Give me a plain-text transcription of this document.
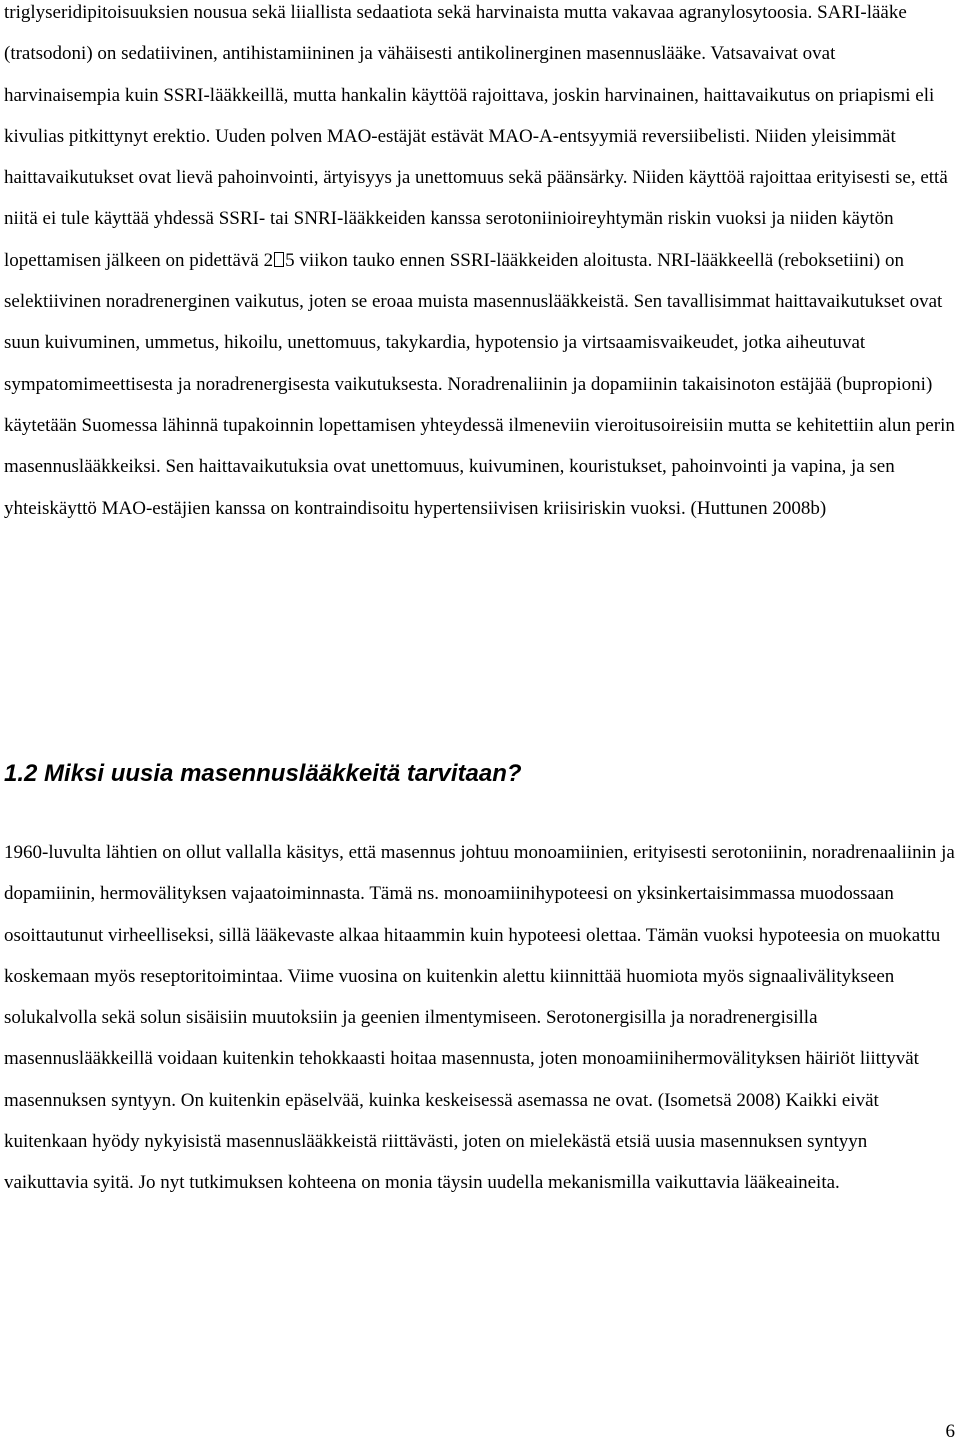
triglyseridipitoisuuksien nousua sekä liiallista sedaatiota sekä harvinaista mutta vakavaa agranylosytoosia. SARI-lääke (tratsodoni) on sedatiivinen, antihistamiininen ja vähäisesti antikolinerginen masennuslääke. Vatsavaivat ovat harvinaisempia kuin SSRI-lääkkeillä, mutta hankalin käyttöä rajoittava, joskin harvinainen, haittavaikutus on priapismi eli kivulias pitkittynyt erektio. Uuden polven MAO-estäjät estävät MAO-A-entsyymiä reversiibelisti. Niiden yleisimmät haittavaikutukset ovat lievä pahoinvointi, ärtyisyys ja unettomuus sekä päänsärky. Niiden käyttöä rajoittaa erityisesti se, että niitä ei tule käyttää yhdessä SSRI- tai SNRI-lääkkeiden kanssa serotoniinioireyhtymän riskin vuoksi ja niiden käytön lopettamisen jälkeen on pidettävä 2 5 viikon tauko ennen SSRI-lääkkeiden aloitusta. NRI-lääkkeellä (reboksetiini) on selektiivinen noradrenerginen vaikutus, joten se eroaa muista masennuslääkkeistä. Sen tavallisimmat haittavaikutukset ovat suun kuivuminen, ummetus, hikoilu, unettomuus, takykardia, hypotensio ja virtsaamisvaikeudet, jotka aiheutuvat sympatomimeettisesta ja noradrenergisesta vaikutuksesta. Noradrenaliinin ja dopamiinin takaisinoton estäjää (bupropioni) käytetään Suomessa lähinnä tupakoinnin lopettamisen yhteydessä ilmeneviin vieroitusoireisiin mutta se kehitettiin alun perin masennuslääkkeiksi. Sen haittavaikutuksia ovat unettomuus, kuivuminen, kouristukset, pahoinvointi ja vapina, ja sen yhteiskäyttö MAO-estäjien kanssa on kontraindisoitu hypertensiivisen kriisiriskin vuoksi. (Huttunen 2008b)

1.2 Miksi uusia masennuslääkkeitä tarvitaan?

1960-luvulta lähtien on ollut vallalla käsitys, että masennus johtuu monoamiinien, erityisesti serotoniinin, noradrenaaliinin ja dopamiinin, hermovälityksen vajaatoiminnasta. Tämä ns. monoamiinihypoteesi on yksinkertaisimmassa muodossaan osoittautunut virheelliseksi, sillä lääkevaste alkaa hitaammin kuin hypoteesi olettaa. Tämän vuoksi hypoteesia on muokattu koskemaan myös reseptoritoimintaa. Viime vuosina on kuitenkin alettu kiinnittää huomiota myös signaalivälitykseen solukalvolla sekä solun sisäisiin muutoksiin ja geenien ilmentymiseen. Serotonergisilla ja noradrenergisilla masennuslääkkeillä voidaan kuitenkin tehokkaasti hoitaa masennusta, joten monoamiinihermovälityksen häiriöt liittyvät masennuksen syntyyn. On kuitenkin epäselvää, kuinka keskeisessä asemassa ne ovat. (Isometsä 2008) Kaikki eivät kuitenkaan hyödy nykyisistä masennuslääkkeistä riittävästi, joten on mielekästä etsiä uusia masennuksen syntyyn vaikuttavia syitä. Jo nyt tutkimuksen kohteena on monia täysin uudella mekanismilla vaikuttavia lääkeaineita.

6
